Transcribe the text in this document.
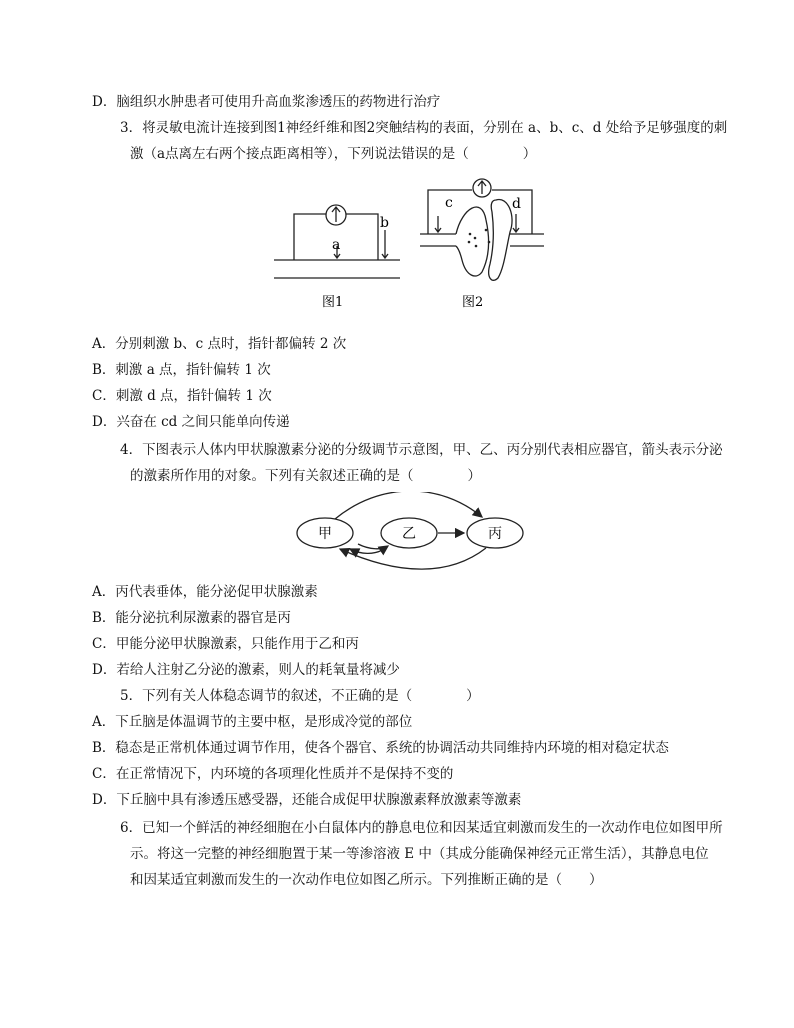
D．脑组织水肿患者可使用升高血浆渗透压的药物进行治疗
3．将灵敏电流计连接到图1神经纤维和图2突触结构的表面，分别在 a、b、c、d 处给予足够强度的刺
激（a点离左右两个接点距离相等），下列说法错误的是（　　　　）
a
b
图1
c	d
图2
A．分别刺激 b、c 点时，指针都偏转 2 次
B．刺激 a 点，指针偏转 1 次
C．刺激 d 点，指针偏转 1 次
D．兴奋在 cd 之间只能单向传递
4．下图表示人体内甲状腺激素分泌的分级调节示意图，甲、乙、丙分别代表相应器官，箭头表示分泌
的激素所作用的对象。下列有关叙述正确的是（　　　　）
甲	乙	丙
A．丙代表垂体，能分泌促甲状腺激素
B．能分泌抗利尿激素的器官是丙
C．甲能分泌甲状腺激素，只能作用于乙和丙
D．若给人注射乙分泌的激素，则人的耗氧量将减少
5．下列有关人体稳态调节的叙述，不正确的是（　　　　）
A．下丘脑是体温调节的主要中枢，是形成冷觉的部位
B．稳态是正常机体通过调节作用，使各个器官、系统的协调活动共同维持内环境的相对稳定状态
C．在正常情况下，内环境的各项理化性质并不是保持不变的
D．下丘脑中具有渗透压感受器，还能合成促甲状腺激素释放激素等激素
6．已知一个鲜活的神经细胞在小白鼠体内的静息电位和因某适宜刺激而发生的一次动作电位如图甲所
示。将这一完整的神经细胞置于某一等渗溶液 E 中（其成分能确保神经元正常生活），其静息电位
和因某适宜刺激而发生的一次动作电位如图乙所示。下列推断正确的是（　　）
